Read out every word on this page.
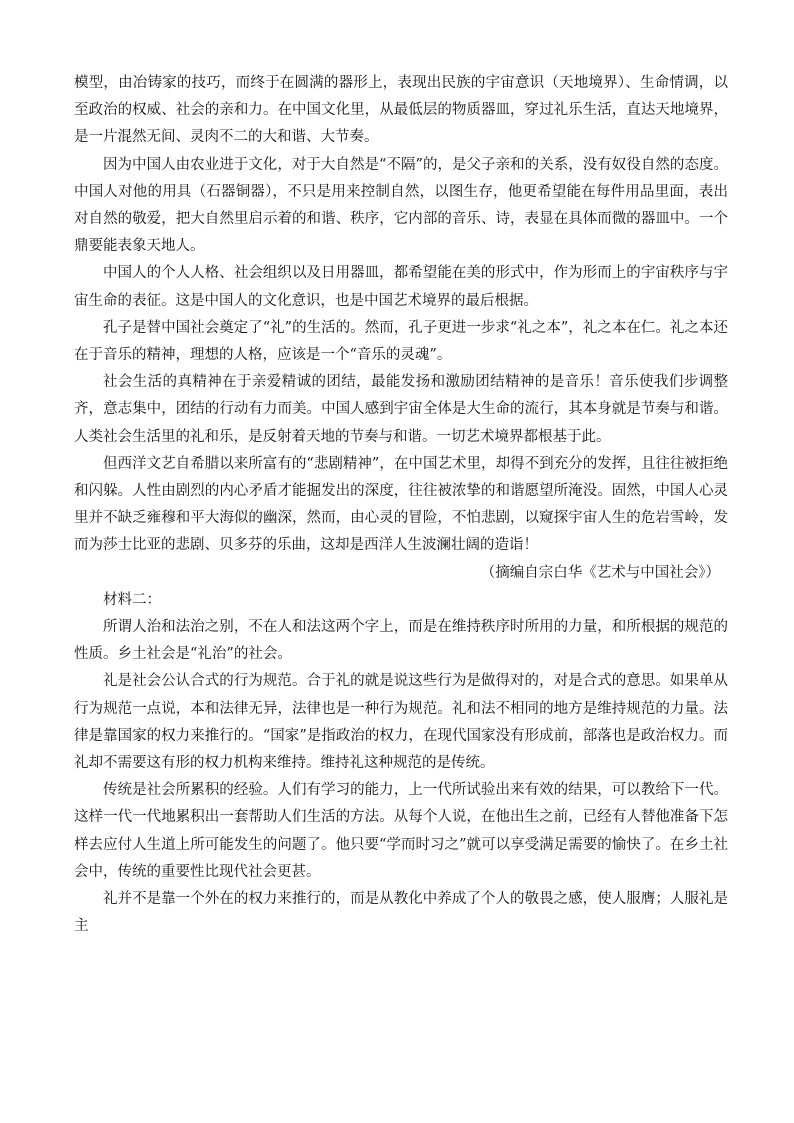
模型，由冶铸家的技巧，而终于在圆满的器形上，表现出民族的宇宙意识（天地境界）、生命情调，以至政治的权威、社会的亲和力。在中国文化里，从最低层的物质器皿，穿过礼乐生活，直达天地境界，是一片混然无间、灵肉不二的大和谐、大节奏。

因为中国人由农业进于文化，对于大自然是“不隔”的，是父子亲和的关系，没有奴役自然的态度。中国人对他的用具（石器铜器），不只是用来控制自然，以图生存，他更希望能在每件用品里面，表出对自然的敬爱，把大自然里启示着的和谐、秩序，它内部的音乐、诗，表显在具体而微的器皿中。一个鼎要能表象天地人。

中国人的个人人格、社会组织以及日用器皿，都希望能在美的形式中，作为形而上的宇宙秩序与宇宙生命的表征。这是中国人的文化意识，也是中国艺术境界的最后根据。

孔子是替中国社会奠定了“礼”的生活的。然而，孔子更进一步求“礼之本”，礼之本在仁。礼之本还在于音乐的精神，理想的人格，应该是一个“音乐的灵魂”。

社会生活的真精神在于亲爱精诚的团结，最能发扬和激励团结精神的是音乐！音乐使我们步调整齐，意志集中，团结的行动有力而美。中国人感到宇宙全体是大生命的流行，其本身就是节奏与和谐。人类社会生活里的礼和乐，是反射着天地的节奏与和谐。一切艺术境界都根基于此。

但西洋文艺自希腊以来所富有的“悲剧精神”，在中国艺术里，却得不到充分的发挥，且往往被拒绝和闪躲。人性由剧烈的内心矛盾才能掘发出的深度，往往被浓挚的和谐愿望所淹没。固然，中国人心灵里并不缺乏雍穆和平大海似的幽深，然而，由心灵的冒险，不怕悲剧，以窥探宇宙人生的危岩雪岭，发而为莎士比亚的悲剧、贝多芬的乐曲，这却是西洋人生波澜壮阔的造诣！

（摘编自宗白华《艺术与中国社会》）

材料二：

所谓人治和法治之别，不在人和法这两个字上，而是在维持秩序时所用的力量，和所根据的规范的性质。乡土社会是“礼治”的社会。

礼是社会公认合式的行为规范。合于礼的就是说这些行为是做得对的，对是合式的意思。如果单从行为规范一点说，本和法律无异，法律也是一种行为规范。礼和法不相同的地方是维持规范的力量。法律是靠国家的权力来推行的。“国家”是指政治的权力，在现代国家没有形成前，部落也是政治权力。而礼却不需要这有形的权力机构来维持。维持礼这种规范的是传统。

传统是社会所累积的经验。人们有学习的能力，上一代所试验出来有效的结果，可以教给下一代。这样一代一代地累积出一套帮助人们生活的方法。从每个人说，在他出生之前，已经有人替他准备下怎样去应付人生道上所可能发生的问题了。他只要“学而时习之”就可以享受满足需要的愉快了。在乡土社会中，传统的重要性比现代社会更甚。

礼并不是靠一个外在的权力来推行的，而是从教化中养成了个人的敬畏之感，使人服膺；人服礼是主
